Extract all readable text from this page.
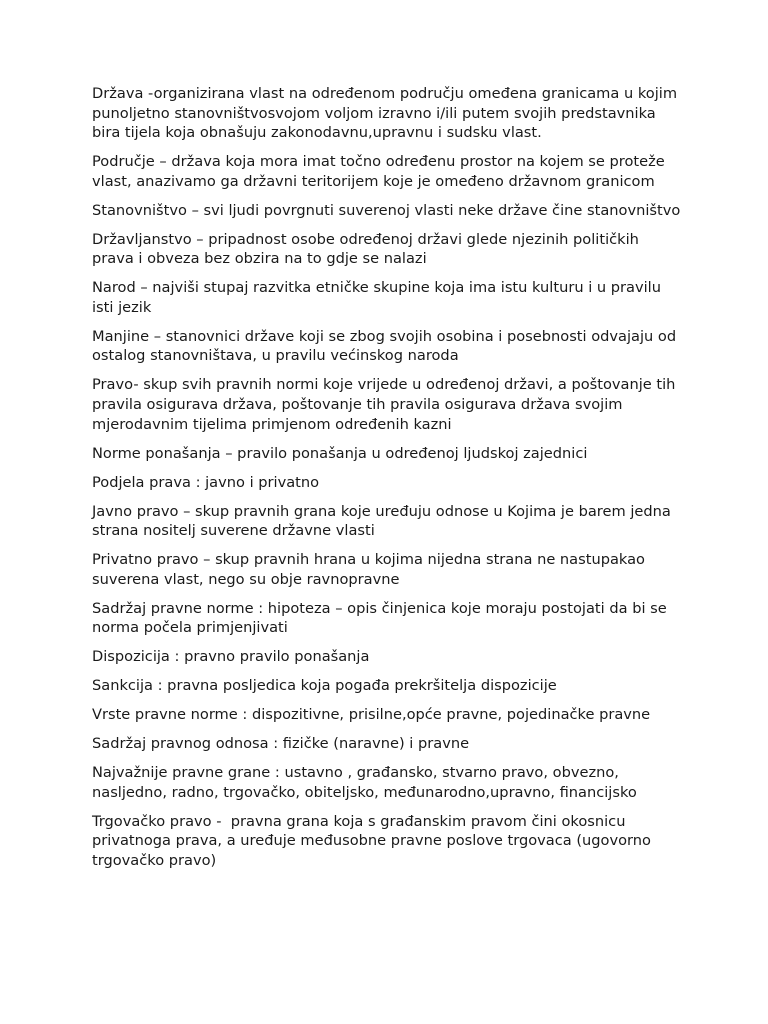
Država -organizirana vlast na određenom području omeđena granicama u kojim punoljetno stanovništvosvojom voljom izravno i/ili putem svojih predstavnika bira tijela koja obnašuju zakonodavnu,upravnu i sudsku vlast.

Područje – država koja mora imat točno određenu prostor na kojem se proteže vlast, anazivamo ga državni teritorijem koje je omeđeno državnom granicom

Stanovništvo – svi ljudi povrgnuti suverenoj vlasti neke države čine stanovništvo

Državljanstvo – pripadnost osobe određenoj državi glede njezinih političkih prava i obveza bez obzira na to gdje se nalazi

Narod – najviši stupaj razvitka etničke skupine koja ima istu kulturu i u pravilu isti jezik

Manjine – stanovnici države koji se zbog svojih osobina i posebnosti odvajaju od ostalog stanovništava, u pravilu većinskog naroda

Pravo- skup svih pravnih normi koje vrijede u određenoj državi, a poštovanje tih pravila osigurava država, poštovanje tih pravila osigurava država svojim mjerodavnim tijelima primjenom određenih kazni

Norme ponašanja – pravilo ponašanja u određenoj ljudskoj zajednici

Podjela prava : javno i privatno

Javno pravo – skup pravnih grana koje uređuju odnose u Kojima je barem jedna strana nositelj suverene državne vlasti

Privatno pravo – skup pravnih hrana u kojima nijedna strana ne nastupakao suverena vlast, nego su obje ravnopravne

Sadržaj pravne norme : hipoteza – opis činjenica koje moraju postojati da bi se norma počela primjenjivati

Dispozicija : pravno pravilo ponašanja

Sankcija : pravna posljedica koja pogađa prekršitelja dispozicije

Vrste pravne norme : dispozitivne, prisilne,opće pravne, pojedinačke pravne

Sadržaj pravnog odnosa : fizičke (naravne) i pravne

Najvažnije pravne grane : ustavno , građansko, stvarno pravo, obvezno, nasljedno, radno, trgovačko, obiteljsko, međunarodno,upravno, financijsko

Trgovačko pravo -  pravna grana koja s građanskim pravom čini okosnicu privatnoga prava, a uređuje međusobne pravne poslove trgovaca (ugovorno trgovačko pravo)
